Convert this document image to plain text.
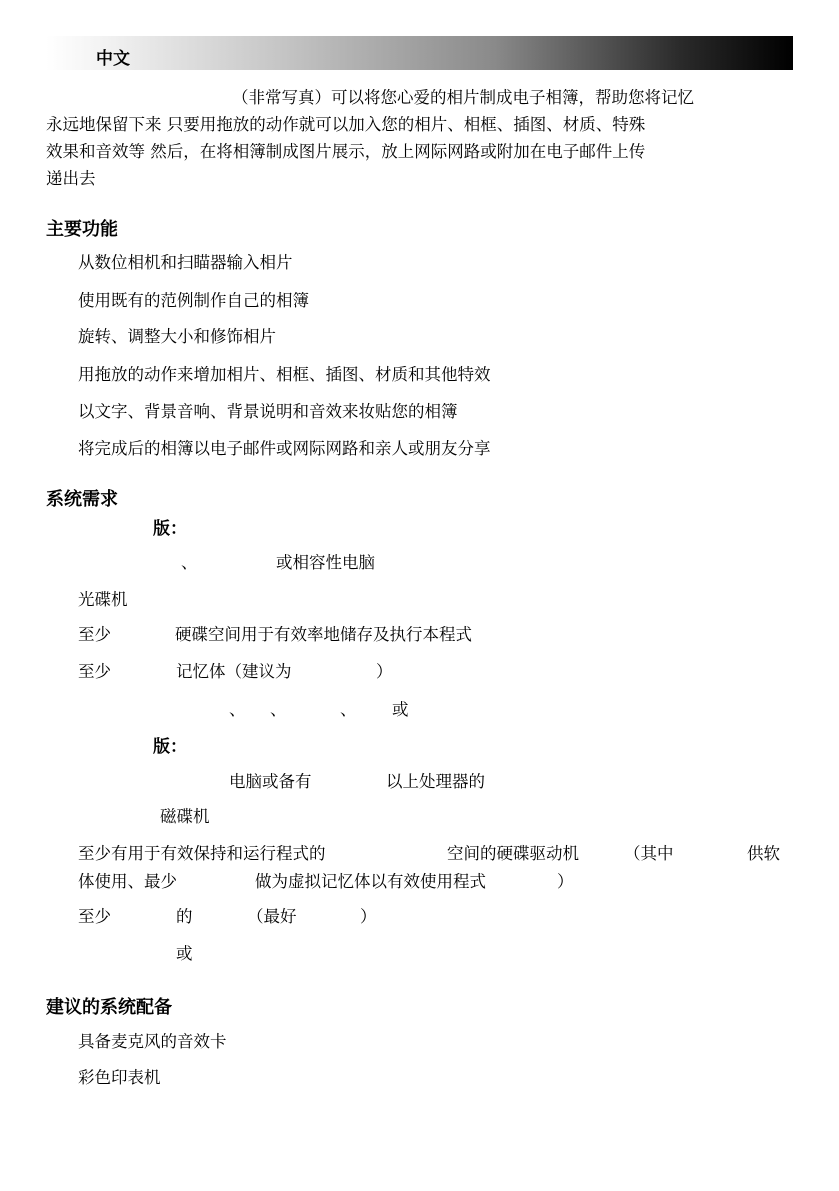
中文
（非常写真）可以将您心爱的相片制成电子相簿，帮助您将记忆
永远地保留下来 只要用拖放的动作就可以加入您的相片、相框、插图、材质、特殊
效果和音效等 然后，在将相簿制成图片展示，放上网际网路或附加在电子邮件上传
递出去
主要功能
从数位相机和扫瞄器输入相片
使用既有的范例制作自己的相簿
旋转、调整大小和修饰相片
用拖放的动作来增加相片、相框、插图、材质和其他特效
以文字、背景音响、背景说明和音效来妆贴您的相簿
将完成后的相簿以电子邮件或网际网路和亲人或朋友分享
系统需求
版：
、	或相容性电脑
光碟机
至少	硬碟空间用于有效率地储存及执行本程式
至少	记忆体（建议为	）
、 、	、 或
版：
电脑或备有	以上处理器的
磁碟机
至少有用于有效保持和运行程式的	空间的硬碟驱动机	（其中	供软
体使用、最少	做为虚拟记忆体以有效使用程式	）
至少	的	（最好	）
或
建议的系统配备
具备麦克风的音效卡
彩色印表机
